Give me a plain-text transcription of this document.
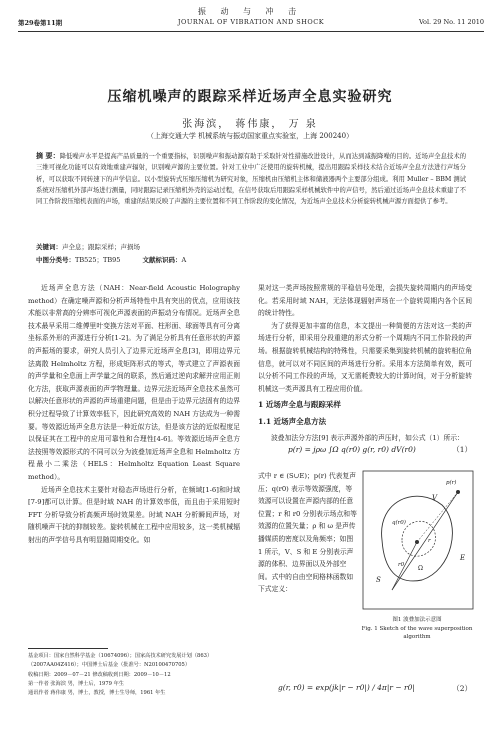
振 动 与 冲 击
第29卷第11期	JOURNAL OF VIBRATION AND SHOCK	Vol. 29 No. 11 2010
压缩机噪声的跟踪采样近场声全息实验研究
张海滨， 蒋伟康， 万 泉
（上海交通大学 机械系统与振动国家重点实验室，上海 200240）
摘 要：降低噪声水平是提高产品质量的一个重要指标，识别噪声和振动源有助于采取针对性措施改进设计，从而达到减振降噪的目的。近场声全息技术的三维可视化功能可以有效地重建声辐射，识别噪声源的主要位置。针对工业中广泛使用的旋转机械，提出用跟踪采样技术结合近场声全息方法进行声场分析，可以获取不同转速下的声学信息。以小型旋转式压缩压缩机为研究对象，压缩机由压缩机主体和储液器两个主要部分组成。利用 Muller – BBM 测试系统对压缩机外部声场进行测量，同时跟踪记录压缩机外壳的运动过程，在信号获取后用跟踪采样机械软件中的声信号，然后通过近场声全息技术重建了不同工作阶段压缩机表面的声场，重建的结果反映了声源的主要位置和不同工作阶段的变化情况，为近场声全息技术分析旋转机械声源方面提供了参考。
关键词：声全息；跟踪采样；声损场
中图分类号：TB525；TB95	文献标识码：A

近场声全息方法（NAH：Near-field Acoustic Holography method）在确定噪声源和分析声场特性中具有突出的优点，应用该技术能以非常高的分辨率可视化声源表面的声振动分布情况。近场声全息技术最早采用二维傅里叶变换方法对平面、柱形面、球面等具有可分离坐标系外形的声源进行分析[1-2]。为了满足分析具有任意形状的声源的声振场的要求，研究人员引入了边界元近场声全息[3]，即用边界元法离散 Helmholtz 方程，形成矩阵形式的等式，等式建立了声源表面的声学量和全息面上声学量之间的联系，然后通过逆向求解并应用正则化方法，获取声源表面的声学物理量。边界元法近场声全息技术虽然可以解决任意形状的声源的声场重建问题，但是由于边界元法固有的边界积分过程导致了计算效率低下，因此研究高效的 NAH 方法成为一种需要。等效源近场声全息方法是一种近似方法，但是该方法的近似程度足以保证其在工程中的应用可靠性和合理性[4-6]。等效源近场声全息方法按照等效源形式的不同可以分为波叠加近场声全息和 Helmholtz 方程最小二乘法（HELS：Helmholtz Equation Least Square method）。

近场声全息技术主要针对稳态声场进行分析，在频域[1-6]和时域[7-9]都可以计算。但是时域 NAH 的计算效率低，而且由于采用短时 FFT 分析导致分析高频声场时效果差。时域 NAH 分析瞬间声场，对随机噪声干扰的抑制较差。旋转机械在工程中应用较多，这一类机械辐射出的声学信号具有明显随周期变化。如

果对这一类声场按照常规的平稳信号处理，会损失旋转周期内的声场变化。若采用时域 NAH，无法体现辐射声场在一个旋转周期内各个区间的统计特性。

为了获得更加丰富的信息，本文提出一种简便的方法对这一类的声场进行分析，即采用分段重建的形式分析一个周期内不同工作阶段的声场。根据旋转机械结构的特殊性，只需要采集到旋转机械的旋转相位角信息，就可以对不同区间的声场进行分析。采用本方法简单有效，既可以分析不同工作段的声场，又无需耗费较大的计算时间，对于分析旋转机械这一类声源具有工程应用价值。

1 近场声全息与跟踪采样
1.1 近场声全息方法

波叠加法分方法[9] 表示声源外部的声压时，如公式（1）所示：

p(r) = jρω ∫Ω q(r0) g(r, r0) dV(r0)	（1）
式中 r ∈ (S∪E)；p(r) 代表复声压；q(r0) 表示等效源强度，等效源可以设置在声源内部的任意位置；r 和 r0 分别表示场点和等效源的位置矢量；ρ 和 ω 是声传播媒质的密度以及角频率；如图 1 所示，V、S 和 E 分别表示声源的体积、边界面以及外部空间。式中的自由空间格林函数如下式定义：
V
S
E
Ω
q(r0)
p(r)
r0
r
图1 波叠加法示意图
Fig. 1 Sketch of the wave superposition algorithm
g(r, r0) = exp(jk|r − r0|) / 4π|r − r0|	（2）
基金项目：国家自然科学基金（10674096）；国家高技术研究发展计划（863）（2007AA04Z416）；中国博士后基金（批准号：N20100470705）
收稿日期：2009－07－21 修改稿收到日期：2009－10－12
第一作者 张海滨 男，博士后，1979 年生
通讯作者 蒋伟康 男，博士，教授，博士生导师，1961 年生
